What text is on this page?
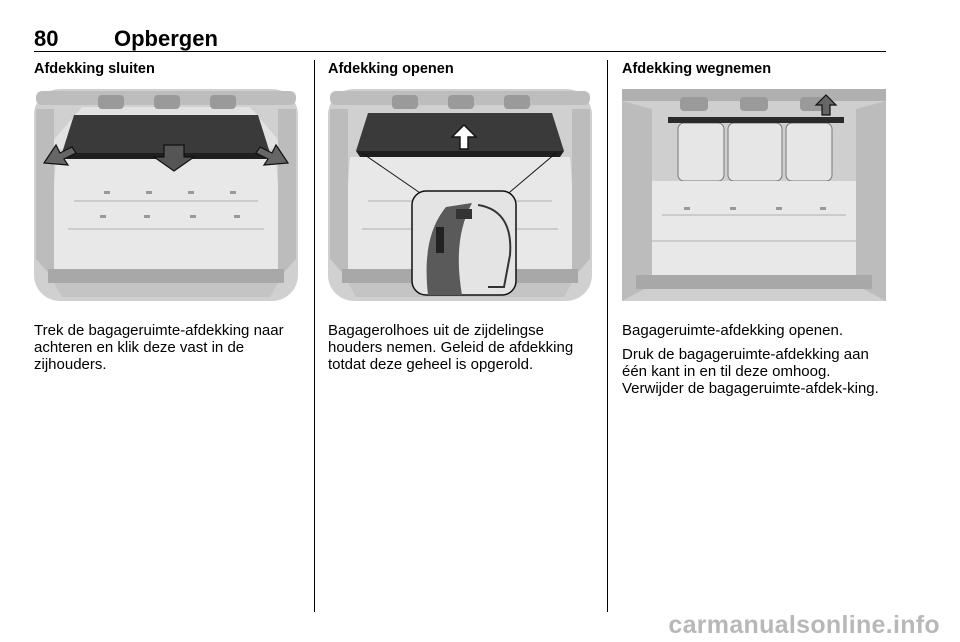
80	Opbergen
Afdekking sluiten

Trek de bagageruimte-afdekking naar achteren en klik deze vast in de zijhouders.

Afdekking openen

Bagagerolhoes uit de zijdelingse houders nemen. Geleid de afdekking totdat deze geheel is opgerold.

Afdekking wegnemen

Bagageruimte-afdekking openen.

Druk de bagageruimte-afdekking aan één kant in en til deze omhoog. Verwijder de bagageruimte-afdek-king.

carmanualsonline.info
